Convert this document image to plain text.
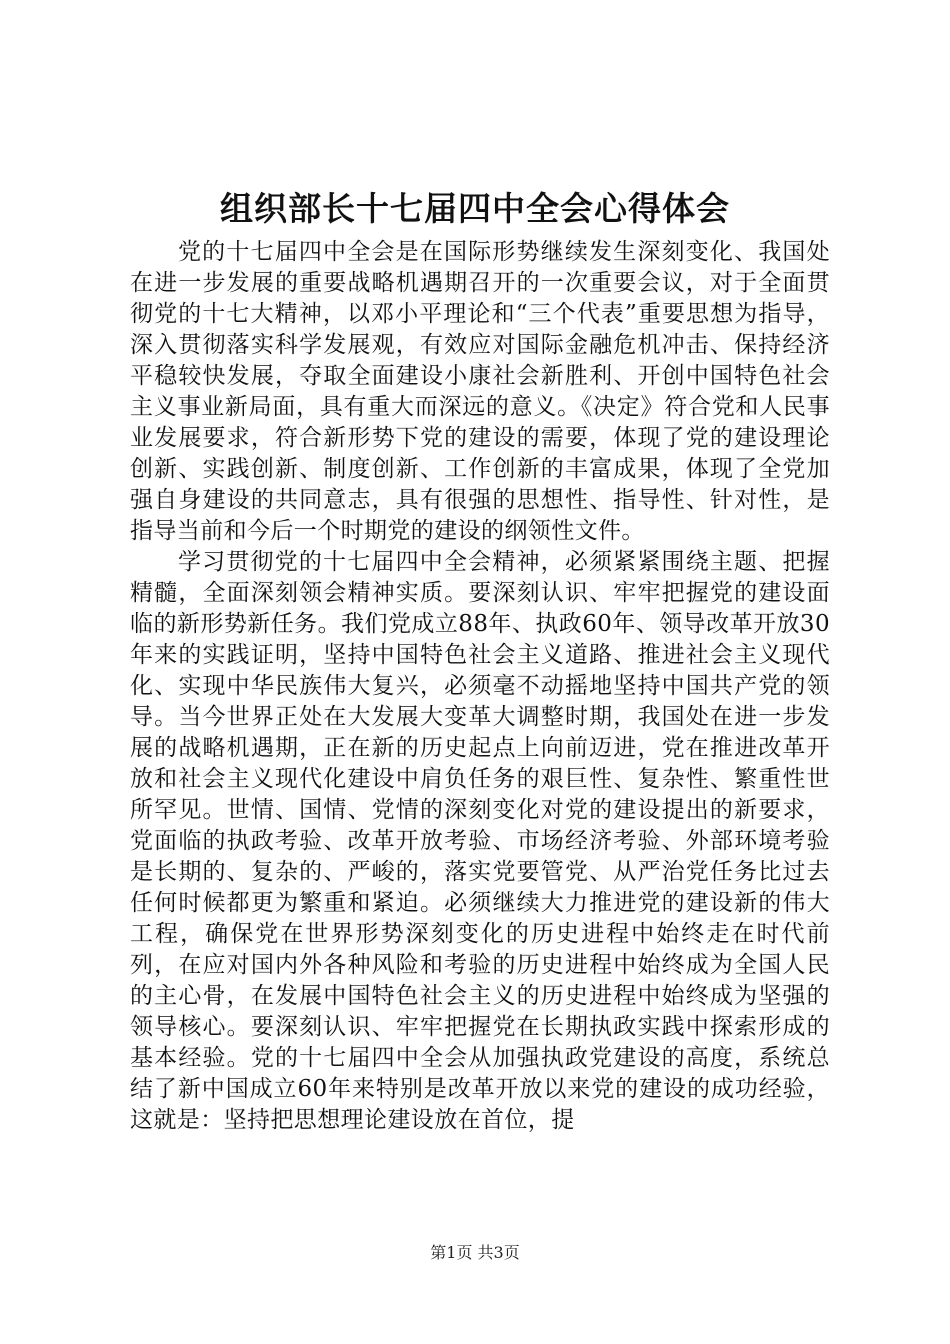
组织部长十七届四中全会心得体会

党的十七届四中全会是在国际形势继续发生深刻变化、我国处在进一步发展的重要战略机遇期召开的一次重要会议，对于全面贯彻党的十七大精神，以邓小平理论和“三个代表”重要思想为指导，深入贯彻落实科学发展观，有效应对国际金融危机冲击、保持经济平稳较快发展，夺取全面建设小康社会新胜利、开创中国特色社会主义事业新局面，具有重大而深远的意义。《决定》符合党和人民事业发展要求，符合新形势下党的建设的需要，体现了党的建设理论创新、实践创新、制度创新、工作创新的丰富成果，体现了全党加强自身建设的共同意志，具有很强的思想性、指导性、针对性，是指导当前和今后一个时期党的建设的纲领性文件。

学习贯彻党的十七届四中全会精神，必须紧紧围绕主题、把握精髓，全面深刻领会精神实质。要深刻认识、牢牢把握党的建设面临的新形势新任务。我们党成立88年、执政60年、领导改革开放30年来的实践证明，坚持中国特色社会主义道路、推进社会主义现代化、实现中华民族伟大复兴，必须毫不动摇地坚持中国共产党的领导。当今世界正处在大发展大变革大调整时期，我国处在进一步发展的战略机遇期，正在新的历史起点上向前迈进，党在推进改革开放和社会主义现代化建设中肩负任务的艰巨性、复杂性、繁重性世所罕见。世情、国情、党情的深刻变化对党的建设提出的新要求，党面临的执政考验、改革开放考验、市场经济考验、外部环境考验是长期的、复杂的、严峻的，落实党要管党、从严治党任务比过去任何时候都更为繁重和紧迫。必须继续大力推进党的建设新的伟大工程，确保党在世界形势深刻变化的历史进程中始终走在时代前列，在应对国内外各种风险和考验的历史进程中始终成为全国人民的主心骨，在发展中国特色社会主义的历史进程中始终成为坚强的领导核心。要深刻认识、牢牢把握党在长期执政实践中探索形成的基本经验。党的十七届四中全会从加强执政党建设的高度，系统总结了新中国成立60年来特别是改革开放以来党的建设的成功经验，这就是：坚持把思想理论建设放在首位，提

第1页 共3页
